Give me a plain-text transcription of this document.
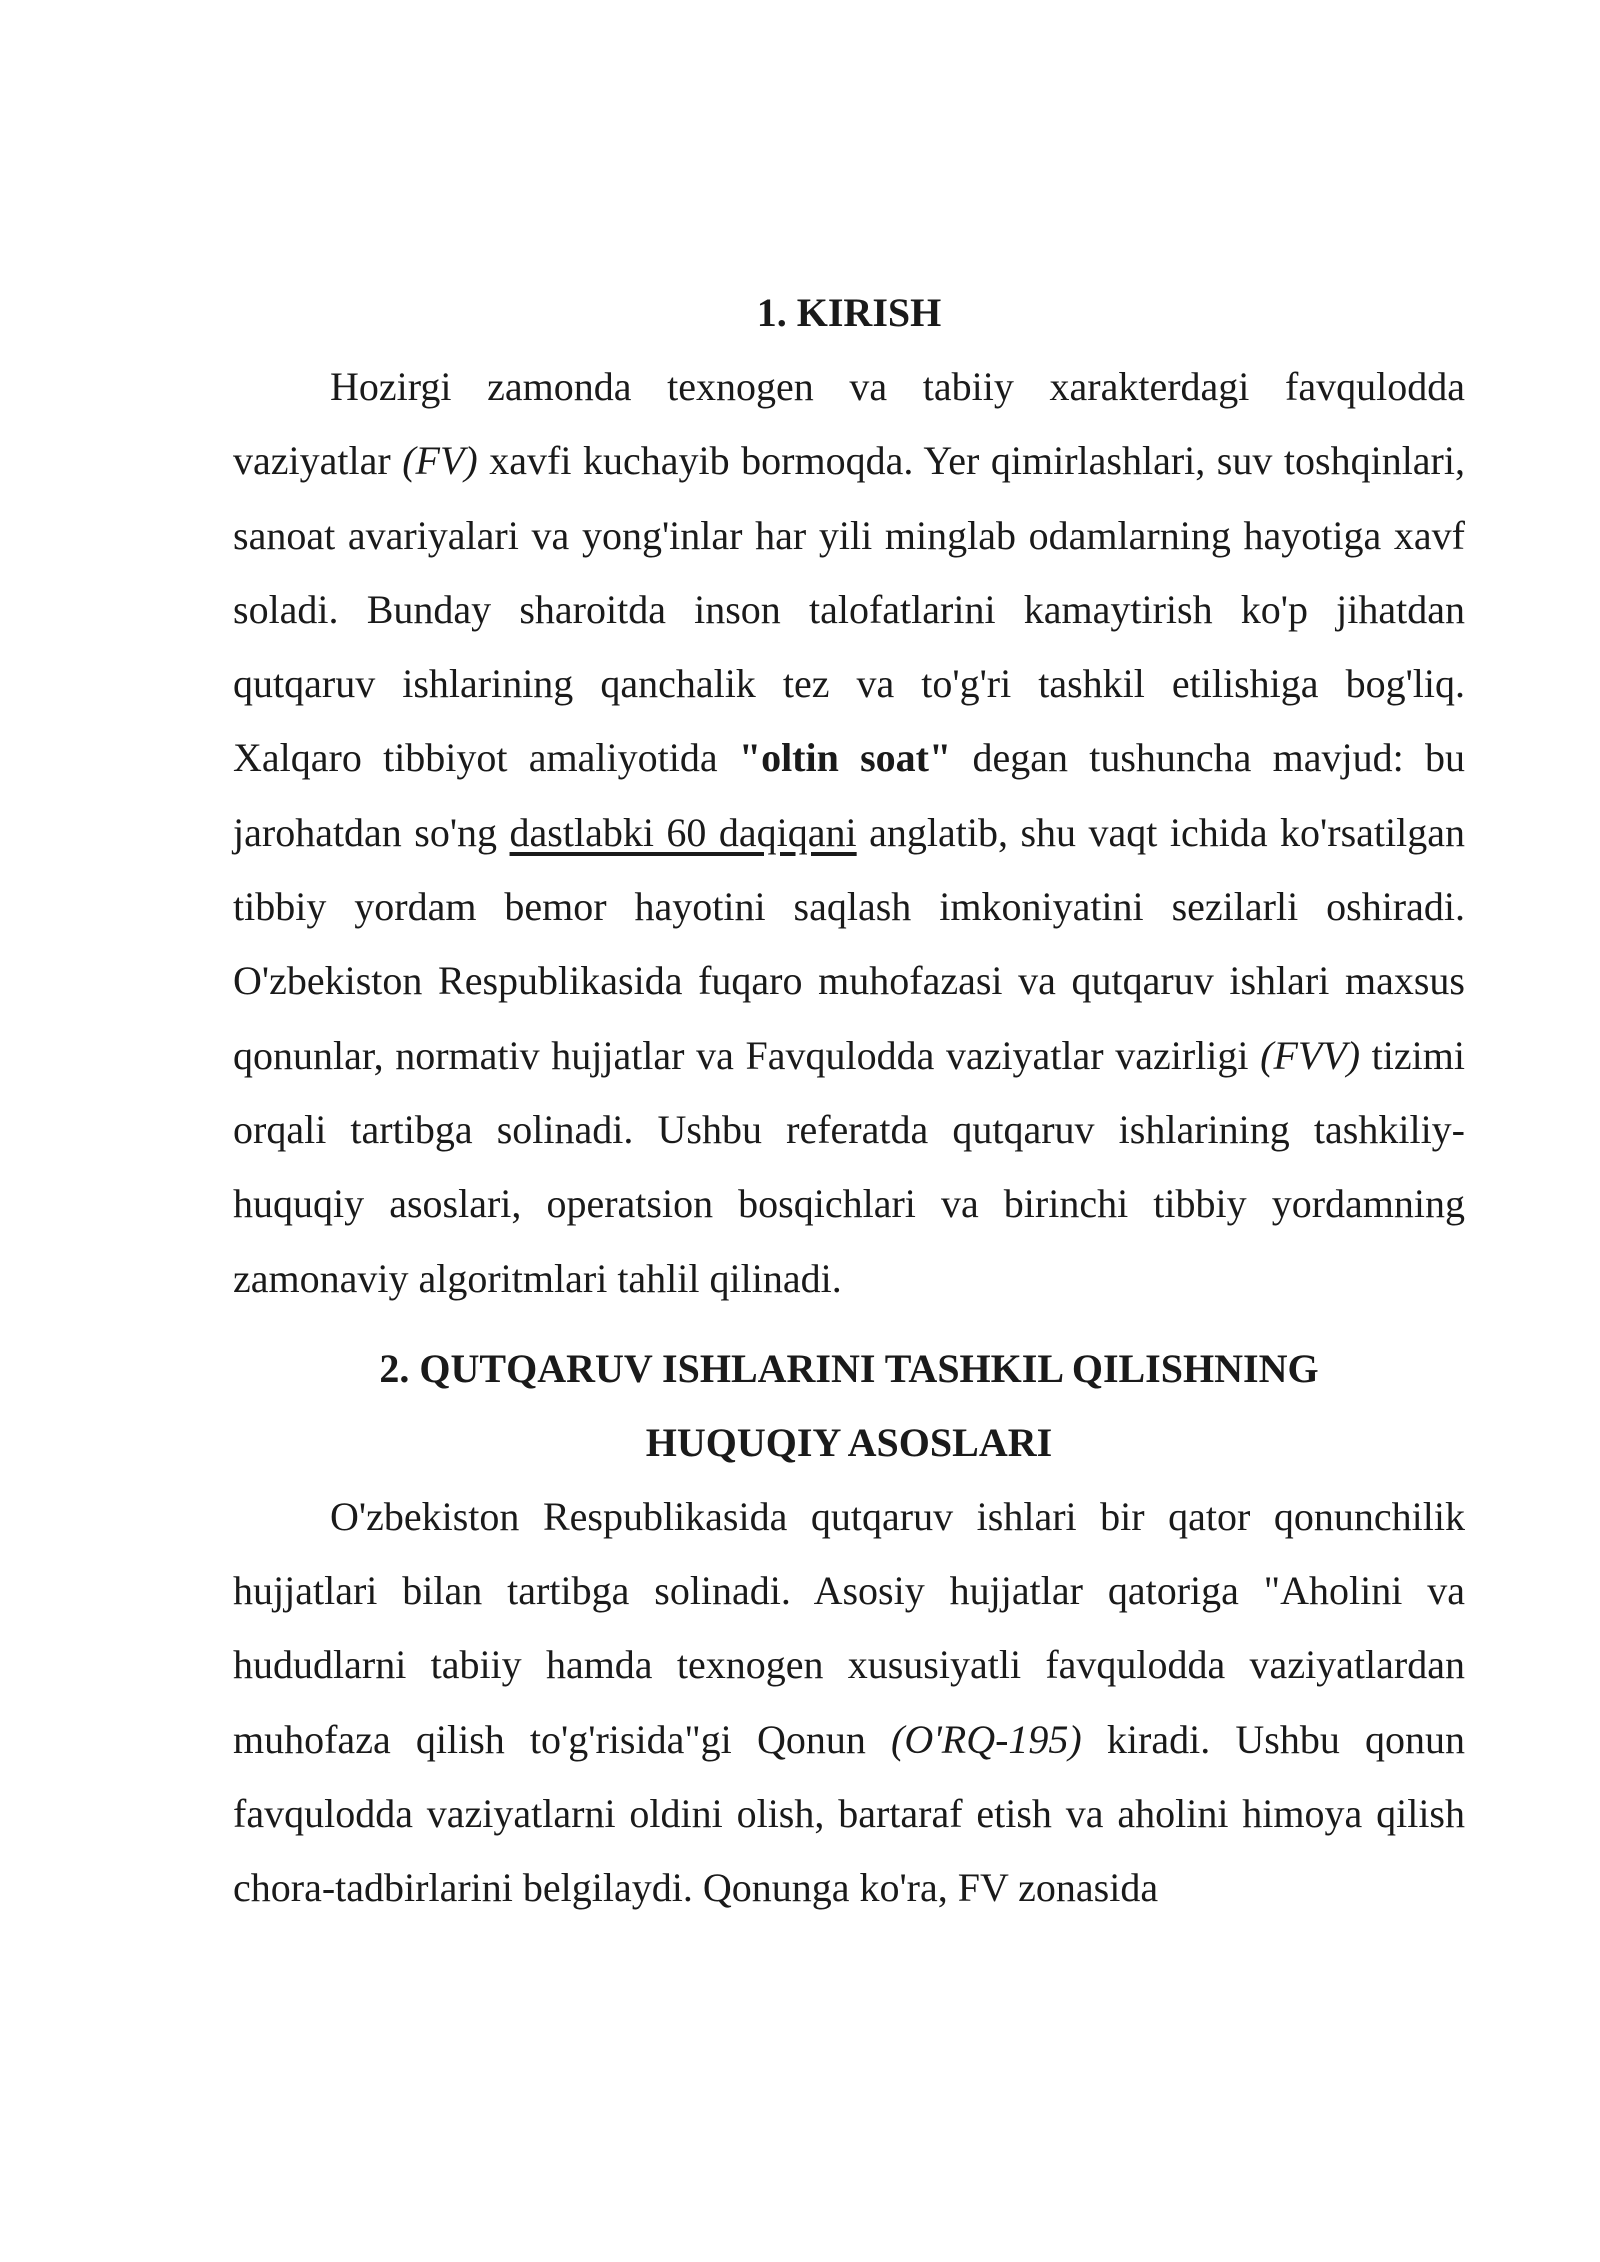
1. KIRISH

Hozirgi zamonda texnogen va tabiiy xarakterdagi favqulodda vaziyatlar (FV) xavfi kuchayib bormoqda. Yer qimirlashlari, suv toshqinlari, sanoat avariyalari va yong'inlar har yili minglab odamlarning hayotiga xavf soladi. Bunday sharoitda inson talofatlarini kamaytirish ko'p jihatdan qutqaruv ishlarining qanchalik tez va to'g'ri tashkil etilishiga bog'liq. Xalqaro tibbiyot amaliyotida "oltin soat" degan tushuncha mavjud: bu jarohatdan so'ng dastlabki 60 daqiqani anglatib, shu vaqt ichida ko'rsatilgan tibbiy yordam bemor hayotini saqlash imkoniyatini sezilarli oshiradi. O'zbekiston Respublikasida fuqaro muhofazasi va qutqaruv ishlari maxsus qonunlar, normativ hujjatlar va Favqulodda vaziyatlar vazirligi (FVV) tizimi orqali tartibga solinadi. Ushbu referatda qutqaruv ishlarining tashkiliy-huquqiy asoslari, operatsion bosqichlari va birinchi tibbiy yordamning zamonaviy algoritmlari tahlil qilinadi.

2. QUTQARUV ISHLARINI TASHKIL QILISHNING
HUQUQIY ASOSLARI

O'zbekiston Respublikasida qutqaruv ishlari bir qator qonunchilik hujjatlari bilan tartibga solinadi. Asosiy hujjatlar qatoriga "Aholini va hududlarni tabiiy hamda texnogen xususiyatli favqulodda vaziyatlardan muhofaza qilish to'g'risida"gi Qonun (O'RQ-195) kiradi. Ushbu qonun favqulodda vaziyatlarni oldini olish, bartaraf etish va aholini himoya qilish chora-tadbirlarini belgilaydi. Qonunga ko'ra, FV zonasida
